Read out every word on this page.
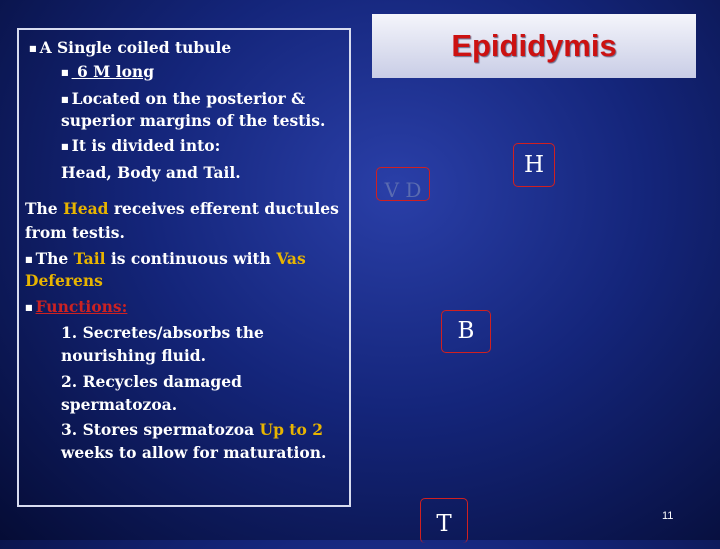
■ A Single coiled tubule
■ 6 M long
■ Located on the posterior &
superior margins of the testis.
■ It is divided into:
Head, Body and Tail.
The Head receives efferent ductules
from testis.
■ The Tail is continuous with Vas
Deferens
■ Functions:
1. Secretes/absorbs the
nourishing fluid.
2. Recycles damaged
spermatozoa.
3. Stores spermatozoa Up to 2
weeks to allow for maturation.
Epididymis
H
V D
B
T	11
